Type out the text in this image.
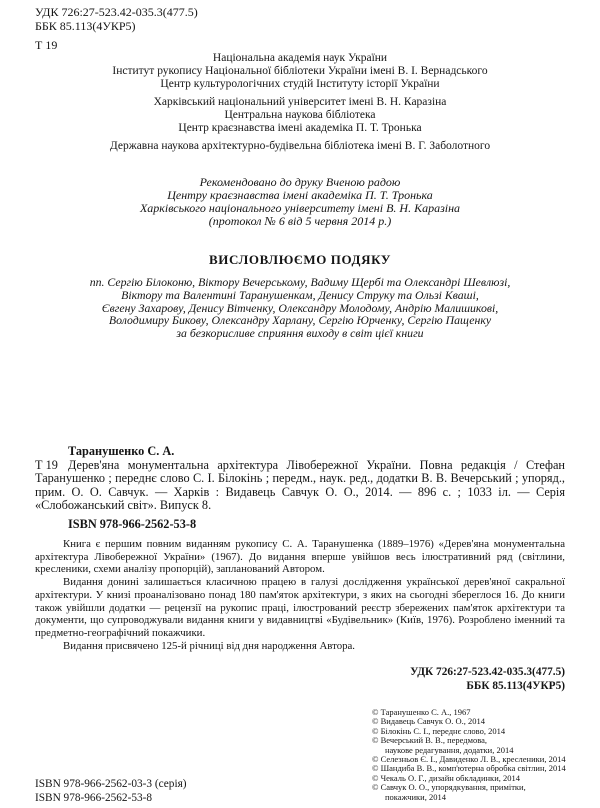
УДК 726:27-523.42-035.3(477.5)
ББК 85.113(4УКР5)
Т 19
Національна академія наук України
Інститут рукопису Національної бібліотеки України імені В. І. Вернадського
Центр культурологічних студій Інституту історії України
Харківський національний університет імені В. Н. Каразіна
Центральна наукова бібліотека
Центр краєзнавства імені академіка П. Т. Тронька
Державна наукова архітектурно-будівельна бібліотека імені В. Г. Заболотного
Рекомендовано до друку Вченою радою
Центру краєзнавства імені академіка П. Т. Тронька
Харківського національного університету імені В. Н. Каразіна
(протокол № 6 від 5 червня 2014 р.)
ВИСЛОВЛЮЄМО ПОДЯКУ
пп. Сергію Білоконю, Віктору Вечерському, Вадиму Щербі та Олександрі Шевлюзі,
Віктору та Валентині Таранушенкам, Денису Струку та Ользі Кваші,
Євгену Захарову, Денису Вітченку, Олександру Молодому, Андрію Малишикові,
Володимиру Бикову, Олександру Харлану, Сергію Юрченку, Сергію Пащенку
за безкорисливе сприяння виходу в світ цієї книги

Таранушенко С. А.

Т 19 Дерев'яна монументальна архітектура Лівобережної України. Повна редакція / Стефан Таранушенко ; переднє слово С. І. Білокінь ; передм., наук. ред., додатки В. В. Вечерський ; упоряд., прим. О. О. Савчук. — Харків : Видавець Савчук О. О., 2014. — 896 с. ; 1033 іл. — Серія «Слобожанський світ». Випуск 8.

ISBN 978-966-2562-53-8

Книга є першим повним виданням рукопису С. А. Таранушенка (1889–1976) «Дерев'яна монументальна архітектура Лівобережної України» (1967). До видання вперше увійшов весь ілюстративний ряд (світлини, кресленики, схеми аналізу пропорцій), запланований Автором.

Видання донині залишається класичною працею в галузі дослідження української дерев'яної сакральної архітектури. У книзі проаналізовано понад 180 пам'яток архітектури, з яких на сьогодні збереглося 16. До книги також увійшли додатки — рецензії на рукопис праці, ілюстрований реєстр збережених пам'яток архітектури та документи, що супроводжували видання книги у видавництві «Будівельник» (Київ, 1976). Розроблено іменний та предметно-географічний покажчики.

Видання присвячено 125-й річниці від дня народження Автора.

УДК 726:27-523.42-035.3(477.5)
ББК 85.113(4УКР5)
© Таранушенко С. А., 1967
© Видавець Савчук О. О., 2014
© Білокінь С. І., переднє слово, 2014
© Вечерський В. В., передмова,
наукове редагування, додатки, 2014
© Селезньов Є. І., Давиденко Л. В., кресленики, 2014
© Шандиба В. В., комп'ютерна обробка світлин, 2014
© Чекаль О. Г., дизайн обкладинки, 2014
© Савчук О. О., упорядкування, примітки,
покажчики, 2014
ISBN 978-966-2562-03-3 (серія)
ISBN 978-966-2562-53-8
